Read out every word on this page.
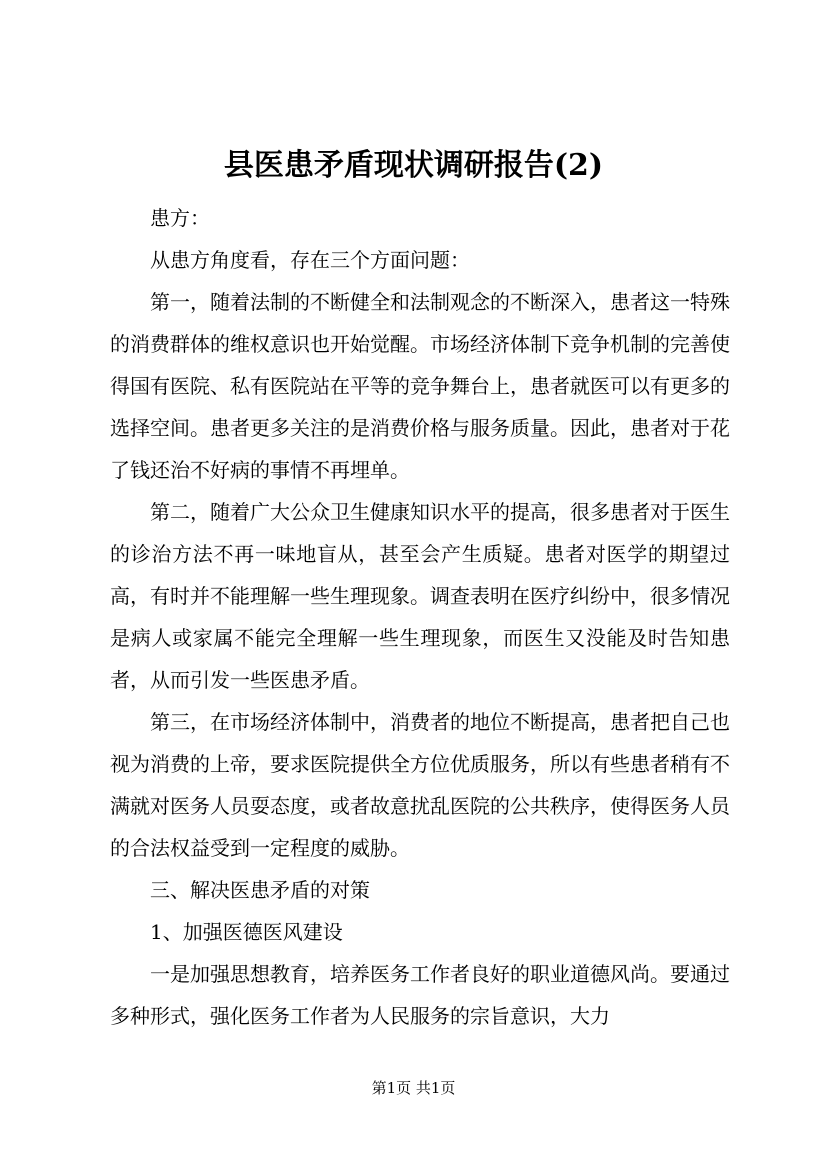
县医患矛盾现状调研报告(2)

患方：

从患方角度看，存在三个方面问题：

第一，随着法制的不断健全和法制观念的不断深入，患者这一特殊的消费群体的维权意识也开始觉醒。市场经济体制下竞争机制的完善使得国有医院、私有医院站在平等的竞争舞台上，患者就医可以有更多的选择空间。患者更多关注的是消费价格与服务质量。因此，患者对于花了钱还治不好病的事情不再埋单。

第二，随着广大公众卫生健康知识水平的提高，很多患者对于医生的诊治方法不再一味地盲从，甚至会产生质疑。患者对医学的期望过高，有时并不能理解一些生理现象。调查表明在医疗纠纷中，很多情况是病人或家属不能完全理解一些生理现象，而医生又没能及时告知患者，从而引发一些医患矛盾。

第三，在市场经济体制中，消费者的地位不断提高，患者把自己也视为消费的上帝，要求医院提供全方位优质服务，所以有些患者稍有不满就对医务人员耍态度，或者故意扰乱医院的公共秩序，使得医务人员的合法权益受到一定程度的威胁。

三、解决医患矛盾的对策

1、加强医德医风建设

一是加强思想教育，培养医务工作者良好的职业道德风尚。要通过多种形式，强化医务工作者为人民服务的宗旨意识，大力

第1页 共1页
